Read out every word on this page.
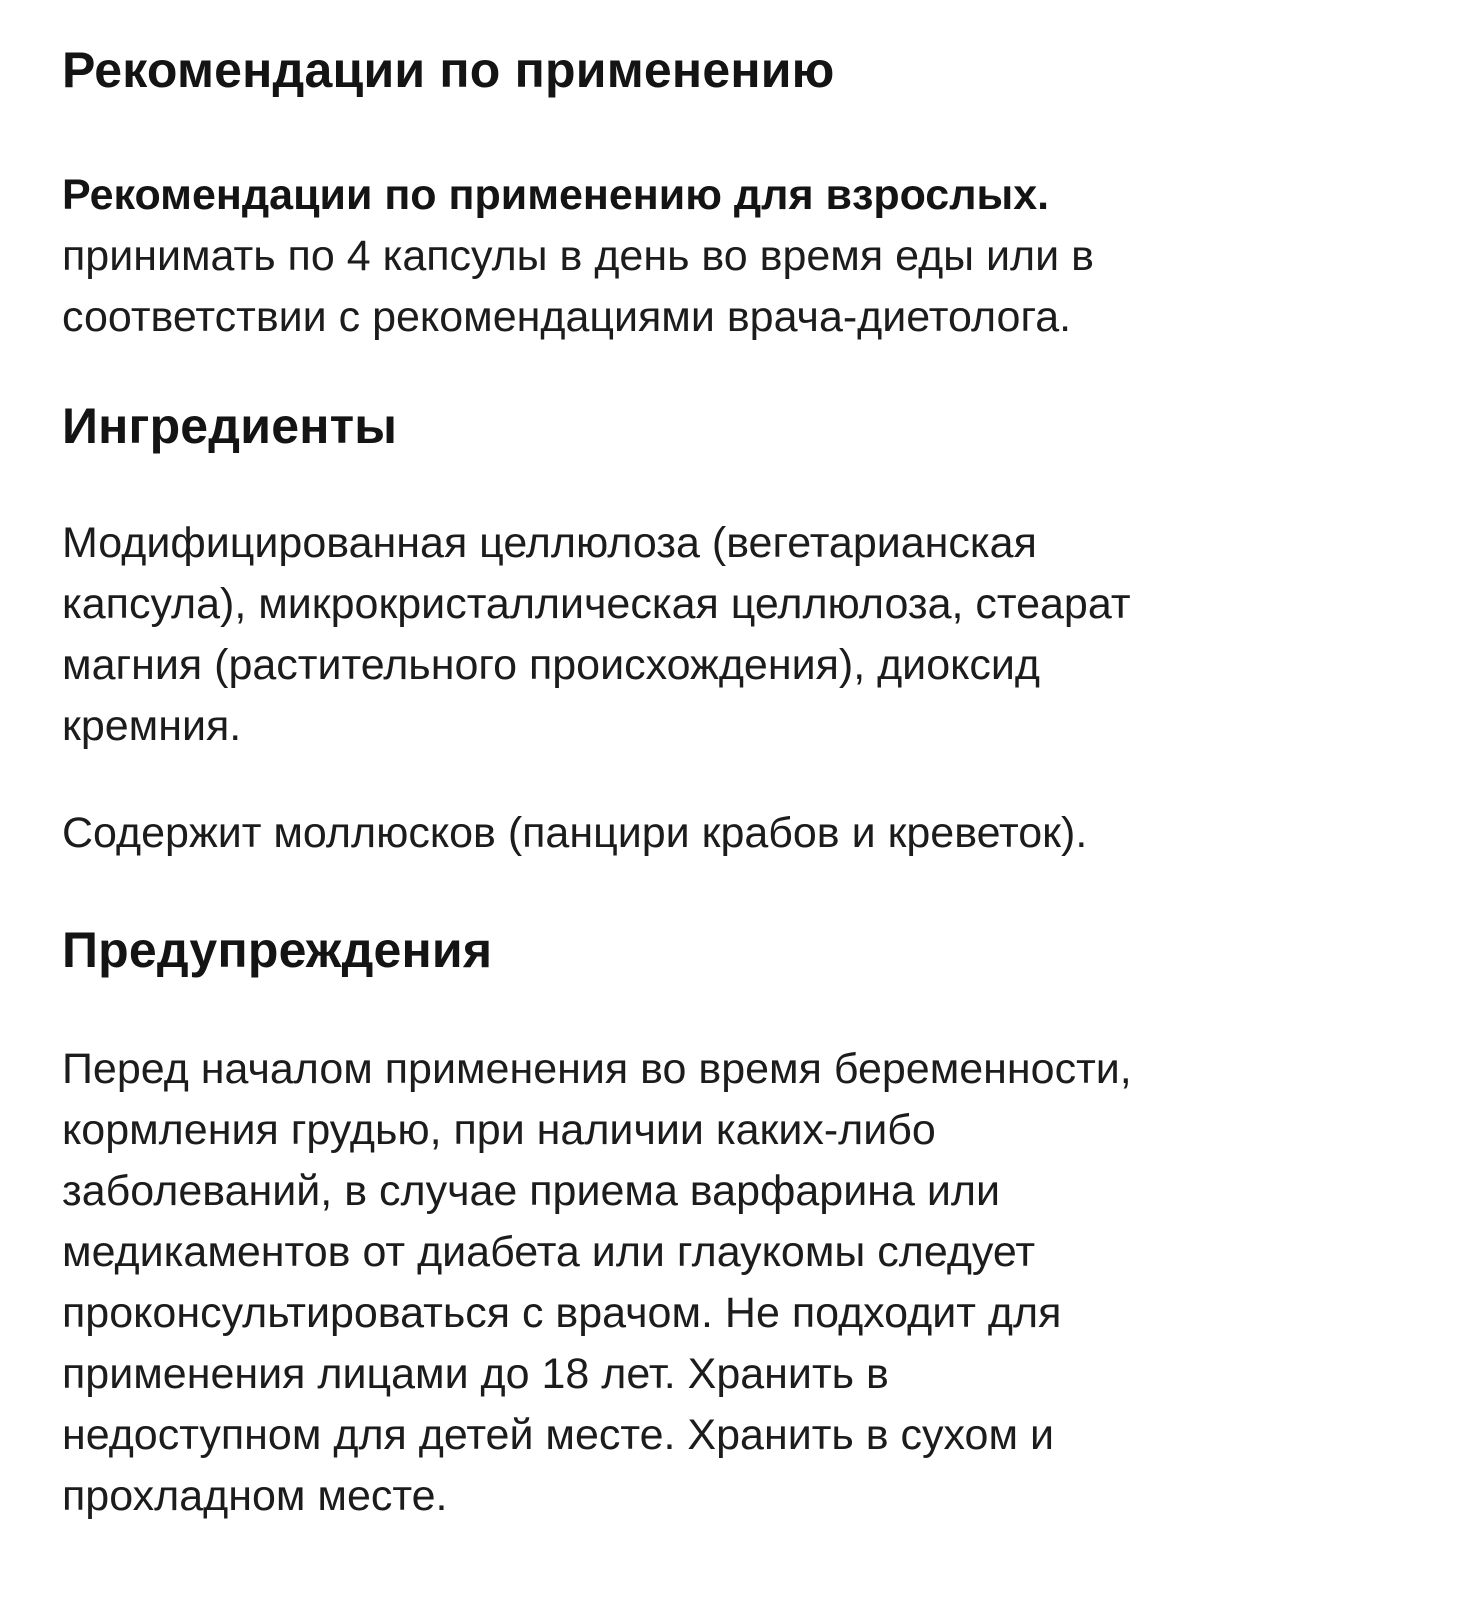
Рекомендации по применению
Рекомендации по применению для взрослых.

принимать по 4 капсулы в день во время еды или в

соответствии с рекомендациями врача-диетолога.

Ингредиенты

Модифицированная целлюлоза (вегетарианская

капсула), микрокристаллическая целлюлоза, стеарат

магния (растительного происхождения), диоксид

кремния.

Содержит моллюсков (панцири крабов и креветок).

Предупреждения

Перед началом применения во время беременности,

кормления грудью, при наличии каких-либо

заболеваний, в случае приема варфарина или

медикаментов от диабета или глаукомы следует

проконсультироваться с врачом. Не подходит для

применения лицами до 18 лет. Хранить в

недоступном для детей месте. Хранить в сухом и

прохладном месте.
